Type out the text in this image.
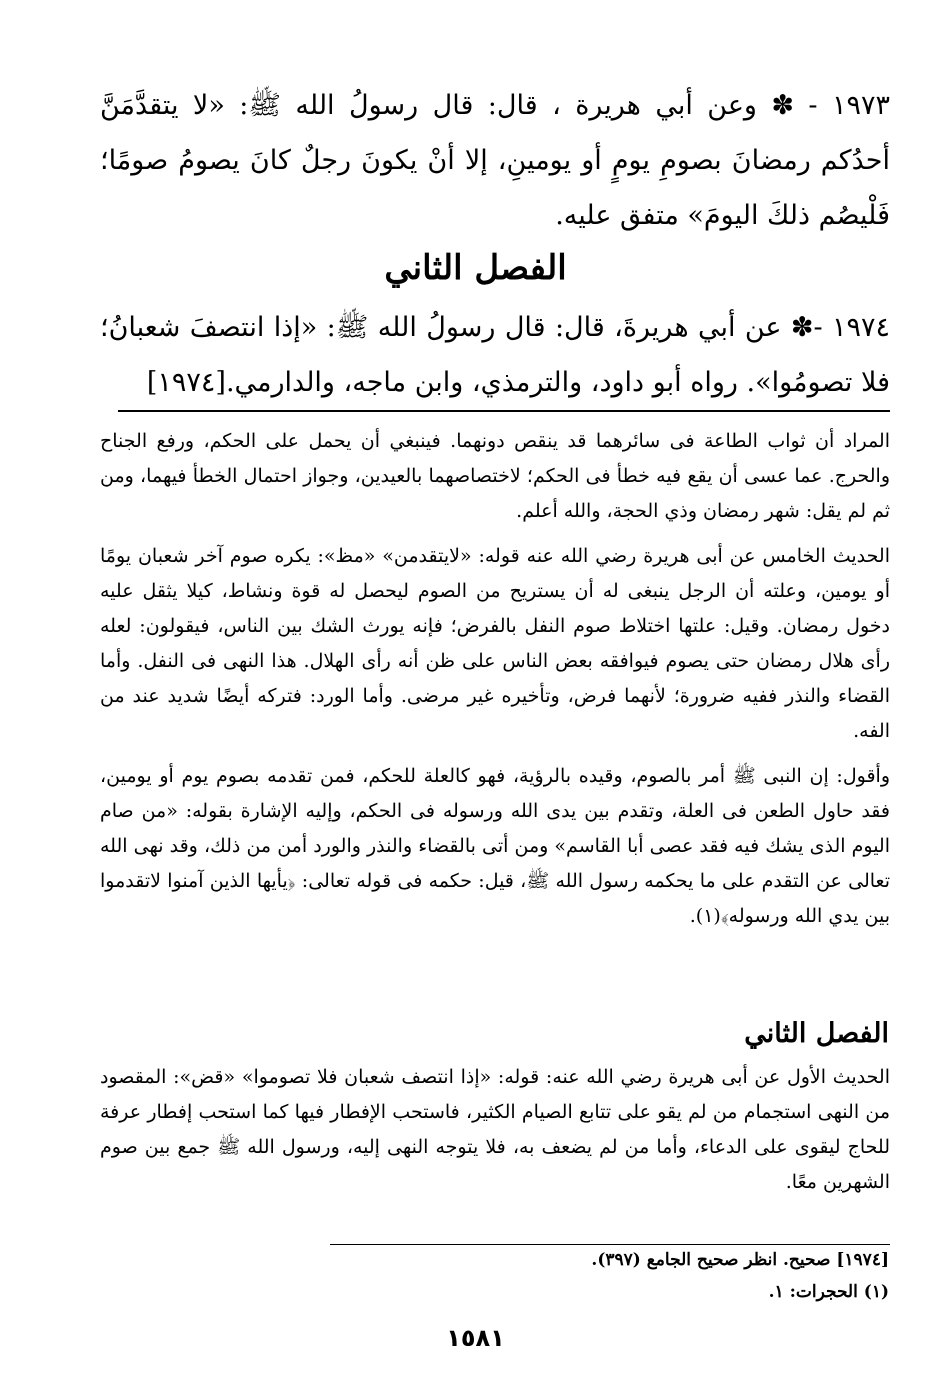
١٩٧٣ - ✽ وعن أبي هريرة ، قال: قال رسولُ الله ﷺ: «لا يتقدَّمَنَّ أحدُكم رمضانَ بصومِ يومٍ أو يومينِ، إلا أنْ يكونَ رجلٌ كانَ يصومُ صومًا؛ فَلْيصُم ذلكَ اليومَ» متفق عليه.
الفصل الثاني
١٩٧٤ -✽ عن أبي هريرةَ، قال: قال رسولُ الله ﷺ: «إذا انتصفَ شعبانُ؛ فلا تصومُوا». رواه أبو داود، والترمذي، وابن ماجه، والدارمي.[١٩٧٤]

المراد أن ثواب الطاعة فى سائرهما قد ينقص دونهما. فينبغي أن يحمل على الحكم، ورفع الجناح والحرج. عما عسى أن يقع فيه خطأ فى الحكم؛ لاختصاصهما بالعيدين، وجواز احتمال الخطأ فيهما، ومن ثم لم يقل: شهر رمضان وذي الحجة، والله أعلم.

الحديث الخامس عن أبى هريرة رضي الله عنه قوله: «لايتقدمن» «مظ»: يكره صوم آخر شعبان يومًا أو يومين، وعلته أن الرجل ينبغى له أن يستريح من الصوم ليحصل له قوة ونشاط، كيلا يثقل عليه دخول رمضان. وقيل: علتها اختلاط صوم النفل بالفرض؛ فإنه يورث الشك بين الناس، فيقولون: لعله رأى هلال رمضان حتى يصوم فيوافقه بعض الناس على ظن أنه رأى الهلال. هذا النهى فى النفل. وأما القضاء والنذر ففيه ضرورة؛ لأنهما فرض، وتأخيره غير مرضى. وأما الورد: فتركه أيضًا شديد عند من الفه.

وأقول: إن النبى ﷺ أمر بالصوم، وقيده بالرؤية، فهو كالعلة للحكم، فمن تقدمه بصوم يوم أو يومين، فقد حاول الطعن فى العلة، وتقدم بين يدى الله ورسوله فى الحكم، وإليه الإشارة بقوله: «من صام اليوم الذى يشك فيه فقد عصى أبا القاسم» ومن أتى بالقضاء والنذر والورد أمن من ذلك، وقد نهى الله تعالى عن التقدم على ما يحكمه رسول الله ﷺ، قيل: حكمه فى قوله تعالى: ﴿يأيها الذين آمنوا لاتقدموا بين يدي الله ورسوله﴾(١).

الفصل الثاني

الحديث الأول عن أبى هريرة رضي الله عنه: قوله: «إذا انتصف شعبان فلا تصوموا» «قض»: المقصود من النهى استجمام من لم يقو على تتابع الصيام الكثير، فاستحب الإفطار فيها كما استحب إفطار عرفة للحاج ليقوى على الدعاء، وأما من لم يضعف به، فلا يتوجه النهى إليه، ورسول الله ﷺ جمع بين صوم الشهرين معًا.

[١٩٧٤] صحيح. انظر صحيح الجامع (٣٩٧).
(١) الحجرات: ١.
١٥٨١
